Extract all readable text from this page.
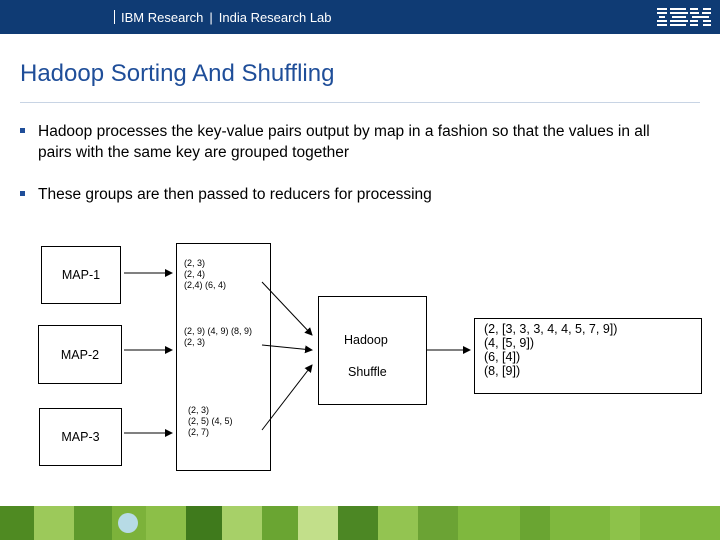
IBM Research | India Research Lab
Hadoop Sorting And Shuffling
Hadoop processes the key-value pairs output by map in a fashion so that the values in all pairs with the same key are grouped together
These groups are then passed to reducers for processing
MAP-1
MAP-2
MAP-3
(2, 3)
(2, 4)
(2,4) (6, 4)
(2, 9) (4, 9) (8, 9)
(2, 3)
(2, 3)
(2, 5) (4, 5)
(2, 7)
Hadoop
Shuffle
(2, [3, 3, 3, 4, 4, 5, 7, 9])
(4, [5, 9])
(6, [4])
(8, [9])
